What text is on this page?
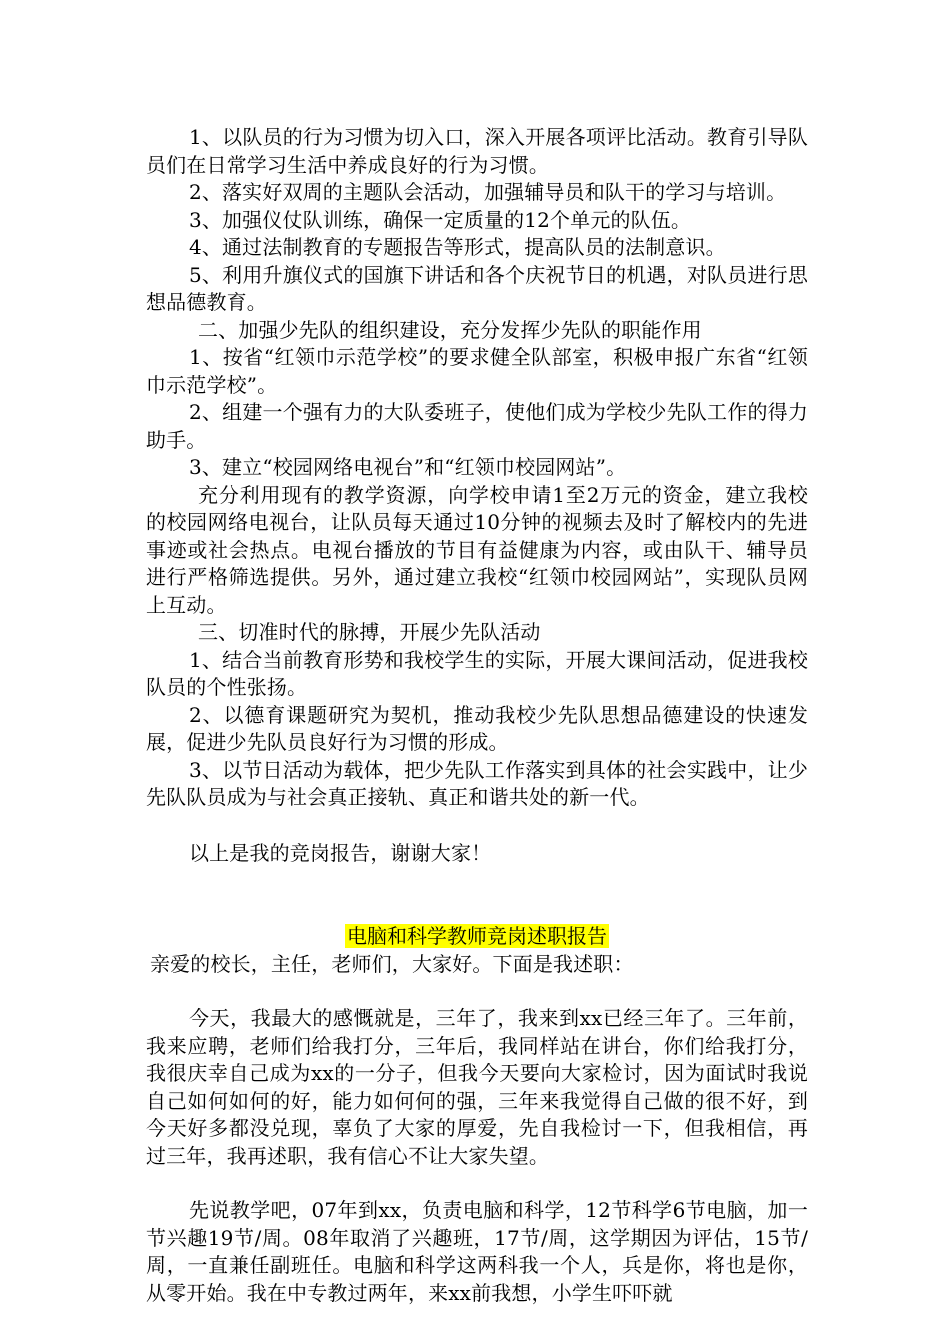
1、以队员的行为习惯为切入口，深入开展各项评比活动。教育引导队员们在日常学习生活中养成良好的行为习惯。

2、落实好双周的主题队会活动，加强辅导员和队干的学习与培训。

3、加强仪仗队训练，确保一定质量的12个单元的队伍。

4、通过法制教育的专题报告等形式，提高队员的法制意识。

5、利用升旗仪式的国旗下讲话和各个庆祝节日的机遇，对队员进行思想品德教育。

二、加强少先队的组织建设，充分发挥少先队的职能作用

1、按省“红领巾示范学校”的要求健全队部室，积极申报广东省“红领巾示范学校”。

2、组建一个强有力的大队委班子，使他们成为学校少先队工作的得力助手。

3、建立“校园网络电视台”和“红领巾校园网站”。

充分利用现有的教学资源，向学校申请1至2万元的资金，建立我校的校园网络电视台，让队员每天通过10分钟的视频去及时了解校内的先进事迹或社会热点。电视台播放的节目有益健康为内容，或由队干、辅导员进行严格筛选提供。另外，通过建立我校“红领巾校园网站”，实现队员网上互动。

三、切准时代的脉搏，开展少先队活动

1、结合当前教育形势和我校学生的实际，开展大课间活动，促进我校队员的个性张扬。

2、以德育课题研究为契机，推动我校少先队思想品德建设的快速发展，促进少先队员良好行为习惯的形成。

3、以节日活动为载体，把少先队工作落实到具体的社会实践中，让少先队队员成为与社会真正接轨、真正和谐共处的新一代。

以上是我的竞岗报告，谢谢大家！

电脑和科学教师竞岗述职报告

亲爱的校长，主任，老师们，大家好。下面是我述职：

今天，我最大的感慨就是，三年了，我来到xx已经三年了。三年前，我来应聘，老师们给我打分，三年后，我同样站在讲台，你们给我打分，我很庆幸自己成为xx的一分子，但我今天要向大家检讨，因为面试时我说自己如何如何的好，能力如何何的强，三年来我觉得自己做的很不好，到今天好多都没兑现，辜负了大家的厚爱，先自我检讨一下，但我相信，再过三年，我再述职，我有信心不让大家失望。

先说教学吧，07年到xx，负责电脑和科学，12节科学6节电脑，加一节兴趣19节/周。08年取消了兴趣班，17节/周，这学期因为评估，15节/周，一直兼任副班任。电脑和科学这两科我一个人，兵是你，将也是你，从零开始。我在中专教过两年，来xx前我想，小学生吓吓就
